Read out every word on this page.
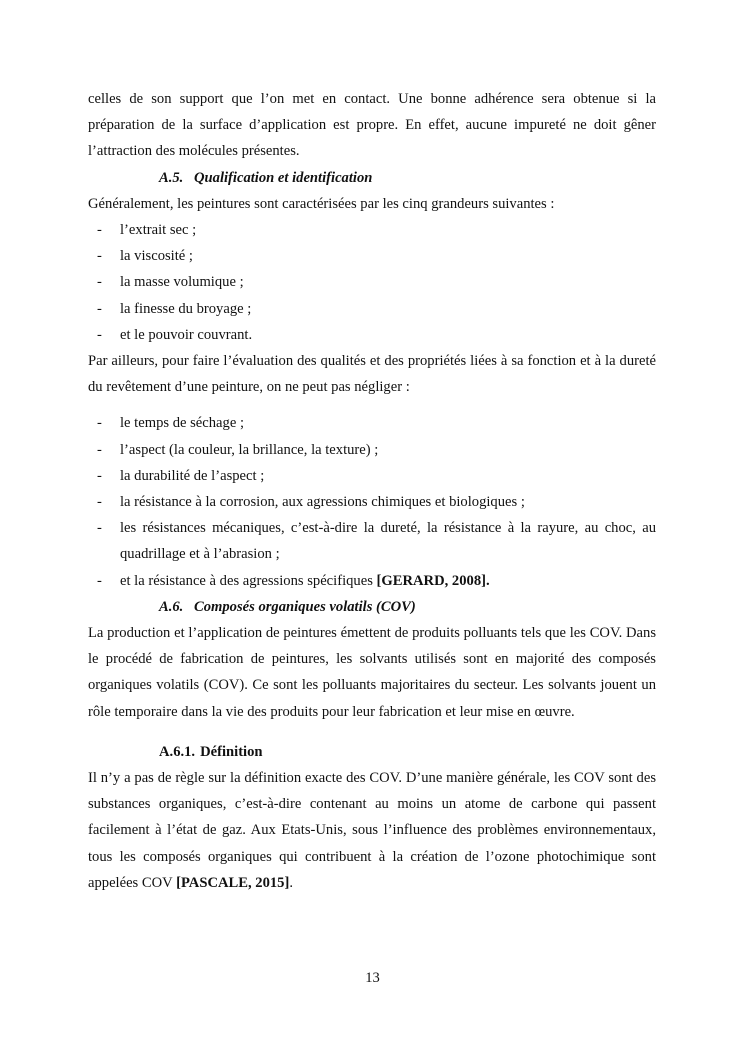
celles de son support que l’on met en contact. Une bonne adhérence sera obtenue si la préparation de la surface d’application est propre. En effet, aucune impureté ne doit gêner l’attraction des molécules présentes.

A.5. Qualification et identification

Généralement, les peintures sont caractérisées par les cinq grandeurs suivantes :

- l’extrait sec ;
- la viscosité ;
- la masse volumique ;
- la finesse du broyage ;
- et le pouvoir couvrant.

Par ailleurs, pour faire l’évaluation des qualités et des propriétés liées à sa fonction et à la dureté du revêtement d’une peinture, on ne peut pas négliger :

- le temps de séchage ;
- l’aspect (la couleur, la brillance, la texture) ;
- la durabilité de l’aspect ;
- la résistance à la corrosion, aux agressions chimiques et biologiques ;
- les résistances mécaniques, c’est-à-dire la dureté, la résistance à la rayure, au choc, au quadrillage et à l’abrasion ;
- et la résistance à des agressions spécifiques [GERARD, 2008].
A.6. Composés organiques volatils (COV)

La production et l’application de peintures émettent de produits polluants tels que les COV. Dans le procédé de fabrication de peintures, les solvants utilisés sont en majorité des composés organiques volatils (COV). Ce sont les polluants majoritaires du secteur. Les solvants jouent un rôle temporaire dans la vie des produits pour leur fabrication et leur mise en œuvre.

A.6.1. Définition

Il n’y a pas de règle sur la définition exacte des COV. D’une manière générale, les COV sont des substances organiques, c’est-à-dire contenant au moins un atome de carbone qui passent facilement à l’état de gaz. Aux Etats-Unis, sous l’influence des problèmes environnementaux, tous les composés organiques qui contribuent à la création de l’ozone photochimique sont appelées COV [PASCALE, 2015].

13
